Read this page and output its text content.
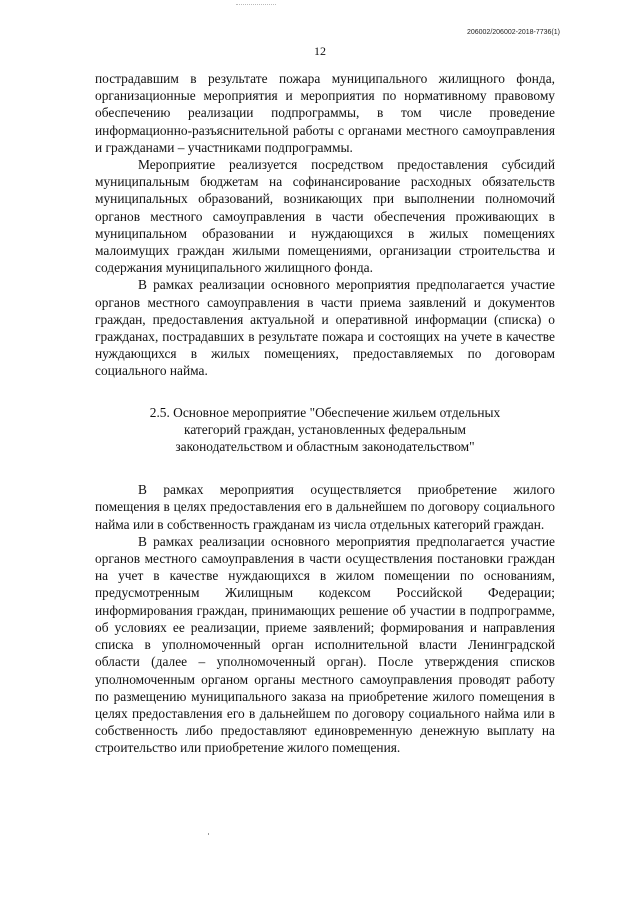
206002/206002-2018-7736(1)
12

пострадавшим в результате пожара муниципального жилищного фонда, организационные мероприятия и мероприятия по нормативному правовому обеспечению реализации подпрограммы, в том числе проведение информационно-разъяснительной работы с органами местного самоуправления и гражданами – участниками подпрограммы.

Мероприятие реализуется посредством предоставления субсидий муниципальным бюджетам на софинансирование расходных обязательств муниципальных образований, возникающих при выполнении полномочий органов местного самоуправления в части обеспечения проживающих в муниципальном образовании и нуждающихся в жилых помещениях малоимущих граждан жилыми помещениями, организации строительства и содержания муниципального жилищного фонда.

В рамках реализации основного мероприятия предполагается участие органов местного самоуправления в части приема заявлений и документов граждан, предоставления актуальной и оперативной информации (списка) о гражданах, пострадавших в результате пожара и состоящих на учете в качестве нуждающихся в жилых помещениях, предоставляемых по договорам социального найма.

2.5. Основное мероприятие "Обеспечение жильем отдельных
категорий граждан, установленных федеральным
законодательством и областным законодательством"

В рамках мероприятия осуществляется приобретение жилого помещения в целях предоставления его в дальнейшем по договору социального найма или в собственность гражданам из числа отдельных категорий граждан.

В рамках реализации основного мероприятия предполагается участие органов местного самоуправления в части осуществления постановки граждан на учет в качестве нуждающихся в жилом помещении по основаниям, предусмотренным Жилищным кодексом Российской Федерации; информирования граждан, принимающих решение об участии в подпрограмме, об условиях ее реализации, приеме заявлений; формирования и направления списка в уполномоченный орган исполнительной власти Ленинградской области (далее – уполномоченный орган). После утверждения списков уполномоченным органом органы местного самоуправления проводят работу по размещению муниципального заказа на приобретение жилого помещения в целях предоставления его в дальнейшем по договору социального найма или в собственность либо предоставляют единовременную денежную выплату на строительство или приобретение жилого помещения.
